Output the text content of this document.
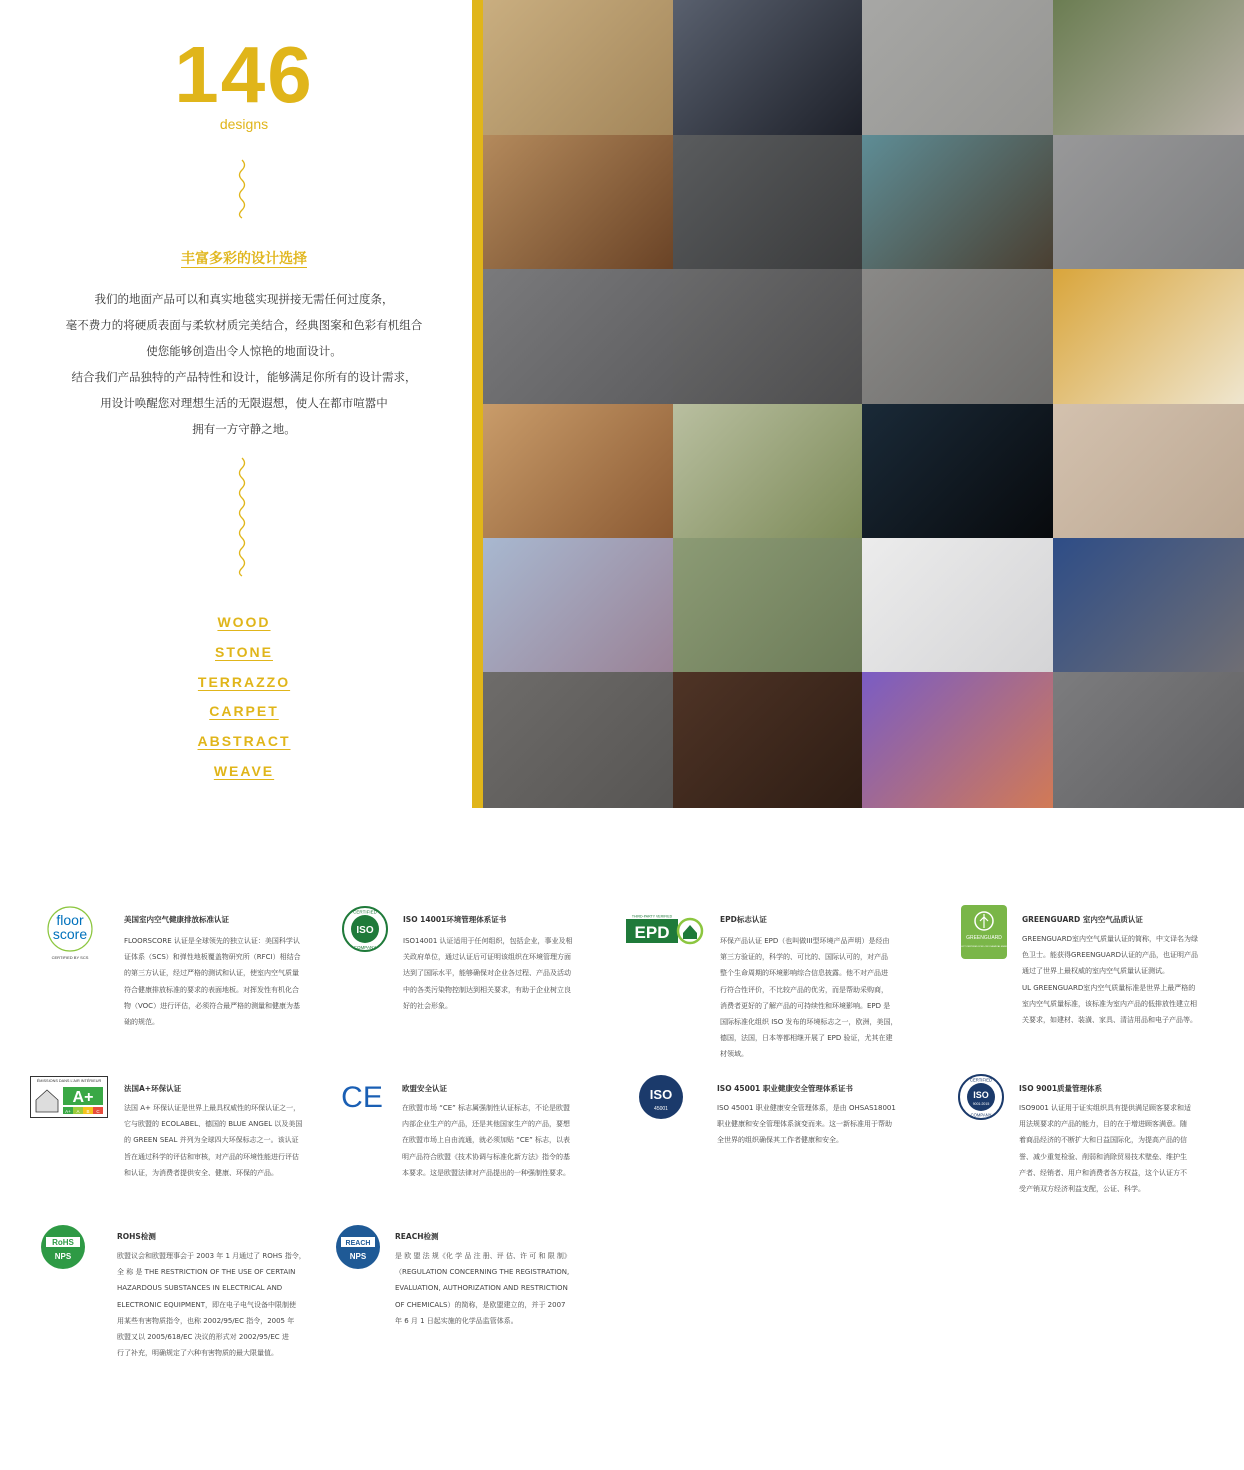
146
designs
丰富多彩的设计选择
我们的地面产品可以和真实地毯实现拼接无需任何过度条，
毫不费力的将硬质表面与柔软材质完美结合，经典图案和色彩有机组合
使您能够创造出令人惊艳的地面设计。
结合我们产品独特的产品特性和设计，能够满足你所有的设计需求，
用设计唤醒您对理想生活的无限遐想，使人在都市喧嚣中
拥有一方守静之地。
WOOD
STONE
TERRAZZO
CARPET
ABSTRACT
WEAVE
floor
score
CERTIFIED BY SCS
美国室内空气健康排放标准认证
FLOORSCORE 认证是全球领先的独立认证：美国科学认
证体系（SCS）和弹性地板覆盖物研究所（RFCI）相结合
的第三方认证，经过严格的测试和认证，使室内空气质量
符合健康排放标准的要求的表面地板。对挥发性有机化合
物（VOC）进行评估，必须符合最严格的测量和健康为基
础的规范。
ISO
CERTIFIED
COMPANY
ISO 14001环境管理体系证书
ISO14001 认证适用于任何组织，包括企业，事业及相
关政府单位，通过认证后可证明该组织在环境管理方面
达到了国际水平，能够确保对企业各过程、产品及活动
中的各类污染物控制达到相关要求，有助于企业树立良
好的社会形象。
EPD
THIRD-PARTY VERIFIED	EPD标志认证
环保产品认证 EPD（也叫做III型环境产品声明）是经由
第三方验证的，科学的、可比的、国际认可的，对产品
整个生命周期的环境影响综合信息披露。他不对产品进
行符合性评价，不比较产品的优劣，而是帮助采购商，
消费者更好的了解产品的可持续性和环境影响。EPD 是
国际标准化组织 ISO 发布的环境标志之一，欧洲，美国，
德国，法国，日本等都相继开展了 EPD 验证，尤其在建
材领域。
GREENGUARD
PRODUCT CERTIFIED FOR LOW CHEMICAL EMISSIONS
GREENGUARD 室内空气品质认证
GREENGUARD室内空气质量认证的简称，中文译名为绿
色卫士。能获得GREENGUARD认证的产品，也证明产品
通过了世界上最权威的室内空气质量认证测试。
UL GREENGUARD室内空气质量标准是世界上最严格的
室内空气质量标准，该标准为室内产品的低排放性建立相
关要求，如建材、装潢、家具、清洁用品和电子产品等。
ÉMISSIONS DANS L'AIR INTÉRIEUR
A+
A+ A B C
法国A+环保认证
法国 A+ 环保认证是世界上最具权威性的环保认证之一，
它与欧盟的 ECOLABEL、德国的 BLUE ANGEL 以及美国
的 GREEN SEAL 并列为全球四大环保标志之一。该认证
旨在通过科学的评估和审核，对产品的环境性能进行评估
和认证，为消费者提供安全、健康、环保的产品。
CE	欧盟安全认证
在欧盟市场 “CE” 标志属强制性认证标志，不论是欧盟
内部企业生产的产品，还是其他国家生产的产品，要想
在欧盟市场上自由流通，就必须加贴 “CE” 标志，以表
明产品符合欧盟《技术协调与标准化新方法》指令的基
本要求。这是欧盟法律对产品提出的一种强制性要求。
ISO
45001
ISO 45001 职业健康安全管理体系证书
ISO 45001 职业健康安全管理体系，是由 OHSAS18001
职业健康和安全管理体系演变而来。这一新标准用于帮助
全世界的组织确保其工作者健康和安全。
ISO
9001:2015
CERTIFIED
COMPANY
ISO 9001质量管理体系
ISO9001 认证用于证实组织具有提供满足顾客要求和适
用法规要求的产品的能力，目的在于增进顾客满意。随
着商品经济的不断扩大和日益国际化，为提高产品的信
誉、减少重复检验、削弱和消除贸易技术壁垒、维护生
产者、经销者、用户和消费者各方权益，这个认证方不
受产销双方经济利益支配，公证、科学。
RoHS
NPS
ROHS检测
欧盟议会和欧盟理事会于 2003 年 1 月通过了 ROHS 指令，
全 称 是 THE RESTRICTION OF THE USE OF CERTAIN
HAZARDOUS SUBSTANCES IN ELECTRICAL AND
ELECTRONIC EQUIPMENT，即在电子电气设备中限制使
用某些有害物质指令，也称 2002/95/EC 指令，2005 年
欧盟又以 2005/618/EC 决议的形式对 2002/95/EC 进
行了补充，明确规定了六种有害物质的最大限量值。
REACH
NPS
REACH检测
是 欧 盟 法 规《化 学 品 注 册、评 估、许 可 和 限 制》
（REGULATION CONCERNING THE REGISTRATION,
EVALUATION, AUTHORIZATION AND RESTRICTION
OF CHEMICALS）的简称，是欧盟建立的，并于 2007
年 6 月 1 日起实施的化学品监管体系。
